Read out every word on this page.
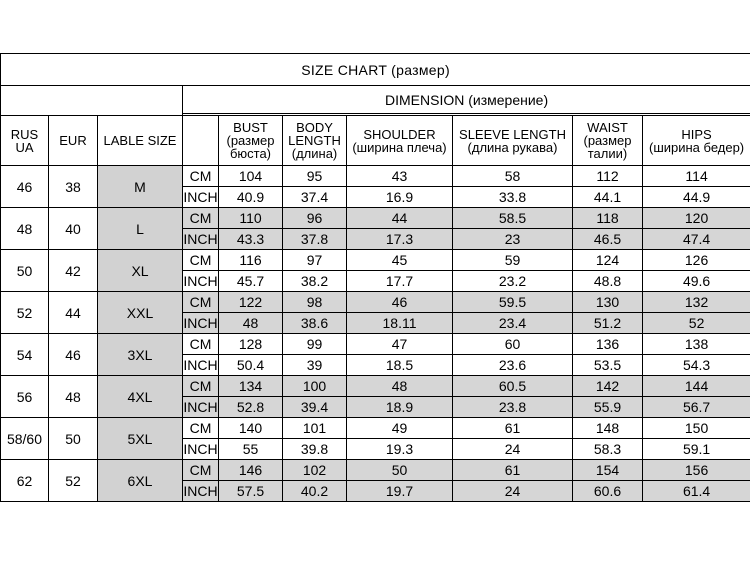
SIZE CHART (размер)									
			DIMENSION (измерение)						

RUS
UA	EUR	LABLE SIZE		BUST
(размер
бюста)	BODY
LENGTH
(длина)	SHOULDER
(ширина плеча)	SLEEVE LENGTH
(длина рукава)	WAIST
(размер
талии)	HIPS
(ширина бедер)
46	38	M	CM	104	95	43	58	112	114
			INCH	40.9	37.4	16.9	33.8	44.1	44.9
48	40	L	CM	110	96	44	58.5	118	120
			INCH	43.3	37.8	17.3	23	46.5	47.4
50	42	XL	CM	116	97	45	59	124	126
			INCH	45.7	38.2	17.7	23.2	48.8	49.6
52	44	XXL	CM	122	98	46	59.5	130	132
			INCH	48	38.6	18.11	23.4	51.2	52
54	46	3XL	CM	128	99	47	60	136	138
			INCH	50.4	39	18.5	23.6	53.5	54.3
56	48	4XL	CM	134	100	48	60.5	142	144
			INCH	52.8	39.4	18.9	23.8	55.9	56.7
58/60	50	5XL	CM	140	101	49	61	148	150
			INCH	55	39.8	19.3	24	58.3	59.1
62	52	6XL	CM	146	102	50	61	154	156
			INCH	57.5	40.2	19.7	24	60.6	61.4
